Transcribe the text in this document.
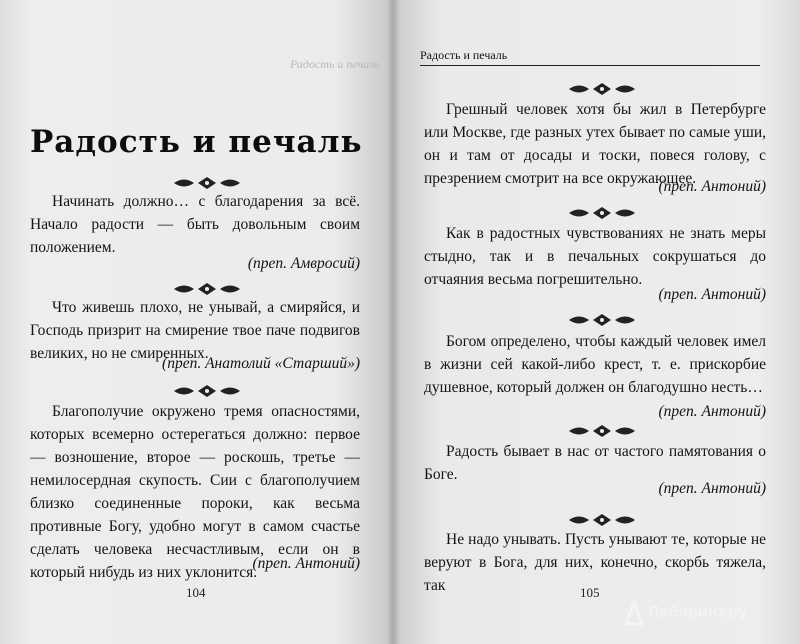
Радость и печаль
Радость и печаль
Радость и печаль
Начинать должно… с благодарения за всё. Начало радости — быть довольным своим положением.
(преп. Амвросий)
Что живешь плохо, не унывай, а смиряйся, и Господь призрит на смирение твое паче подвигов великих, но не смиренных.
(преп. Анатолий «Старший»)
Благополучие окружено тремя опасностями, которых всемерно остерегаться должно: первое — возношение, второе — роскошь, третье — немилосердная скупость. Сии с благополучием близко соединенные пороки, как весьма противные Богу, удобно могут в самом счастье сделать человека несчастливым, если он в который нибудь из них уклонится.
(преп. Антоний)
104
Грешный человек хотя бы жил в Петербурге или Москве, где разных утех бывает по самые уши, он и там от досады и тоски, повеся голову, с презрением смотрит на все окружающее.
(преп. Антоний)
Как в радостных чувствованиях не знать меры стыдно, так и в печальных сокрушаться до отчаяния весьма погрешительно.
(преп. Антоний)
Богом определено, чтобы каждый человек имел в жизни сей какой-либо крест, т. е. прискорбие душевное, который должен он благодушно несть…
(преп. Антоний)
Радость бывает в нас от частого памятования о Боге.
(преп. Антоний)
Не надо унывать. Пусть унывают те, которые не веруют в Бога, для них, конечно, скорбь тяжела, так	105
Лабиринт.ру
